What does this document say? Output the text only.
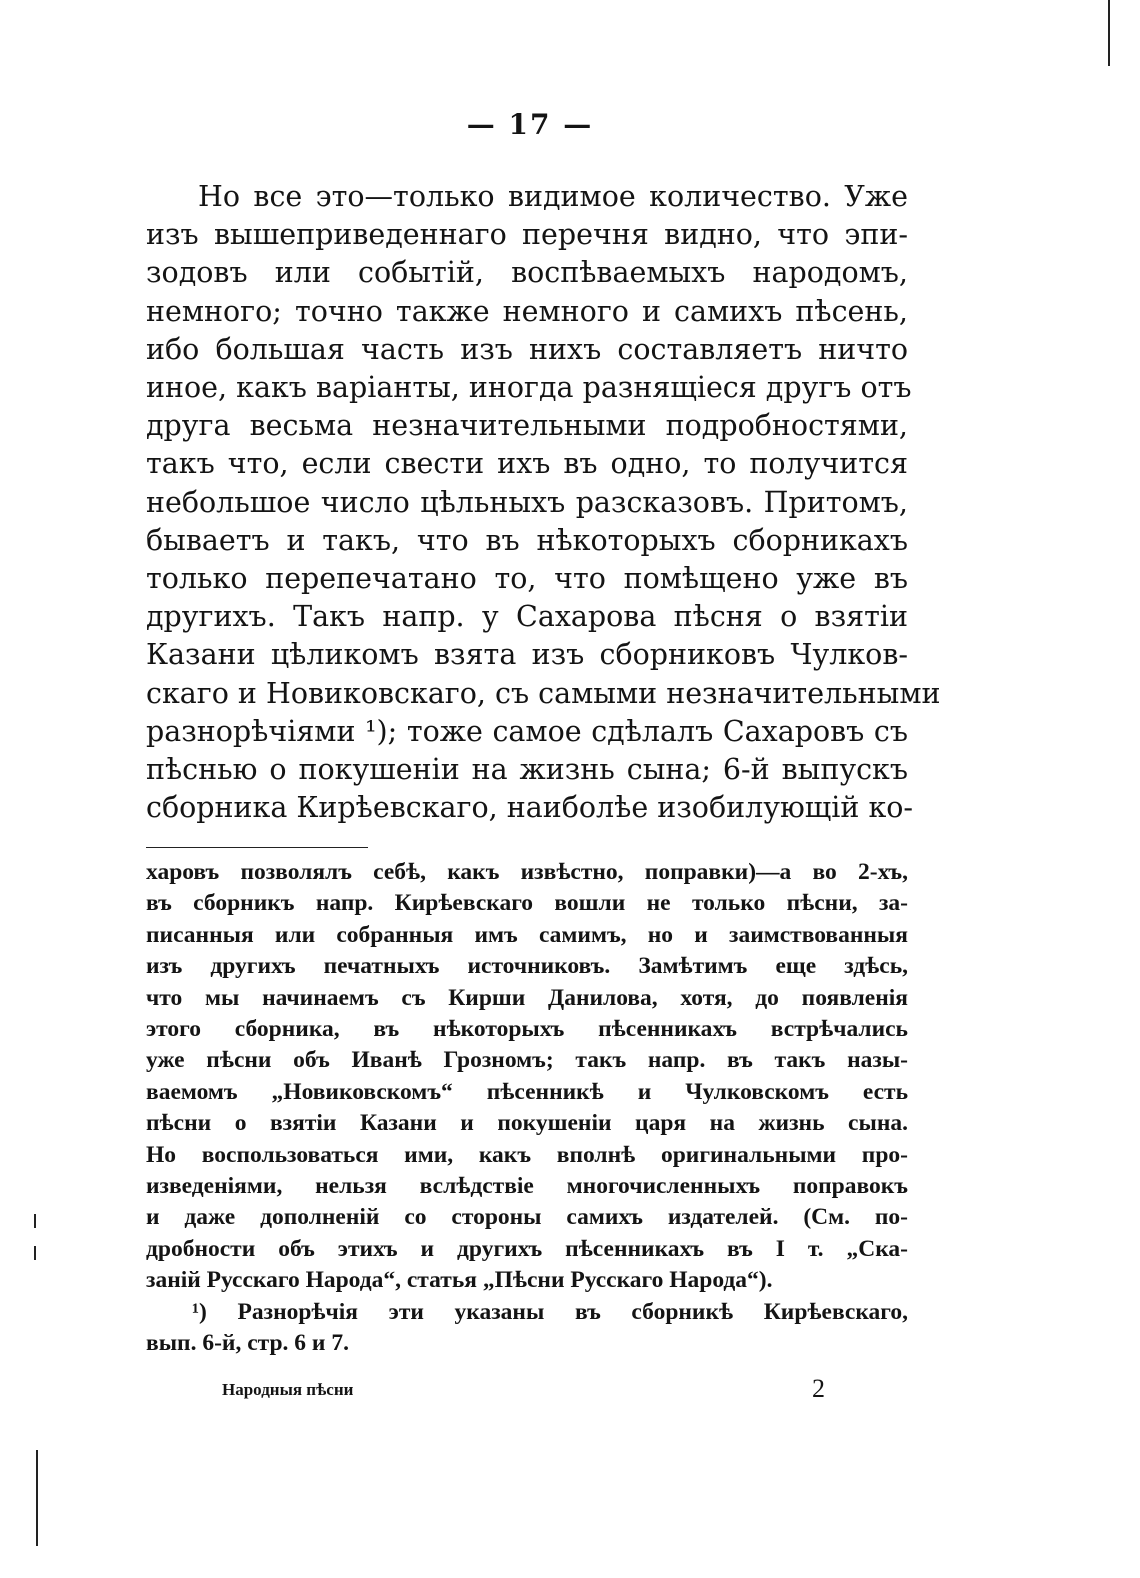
— 17 —
Но все это—только видимое количество. Уже
изъ вышеприведеннаго перечня видно, что эпи-
зодовъ или событій, воспѣваемыхъ народомъ,
немного; точно также немного и самихъ пѣсень,
ибо большая часть изъ нихъ составляетъ ничто
иное, какъ варіанты, иногда разнящіеся другъ отъ
друга весьма незначительными подробностями,
такъ что, если свести ихъ въ одно, то получится
небольшое число цѣльныхъ разсказовъ. Притомъ,
бываетъ и такъ, что въ нѣкоторыхъ сборникахъ
только перепечатано то, что помѣщено уже въ
другихъ. Такъ напр. у Сахарова пѣсня о взятіи
Казани цѣликомъ взята изъ сборниковъ Чулков-
скаго и Новиковскаго, съ самыми незначительными
разнорѣчіями ¹); тоже самое сдѣлалъ Сахаровъ съ
пѣснью о покушеніи на жизнь сына; 6-й выпускъ
сборника Кирѣевскаго, наиболѣе изобилующій ко-
харовъ позволялъ себѣ, какъ извѣстно, поправки)—а во 2-хъ,
въ сборникъ напр. Кирѣевскаго вошли не только пѣсни, за-
писанныя или собранныя имъ самимъ, но и заимствованныя
изъ другихъ печатныхъ источниковъ. Замѣтимъ еще здѣсь,
что мы начинаемъ съ Кирши Данилова, хотя, до появленія
этого сборника, въ нѣкоторыхъ пѣсенникахъ встрѣчались
уже пѣсни объ Иванѣ Грозномъ; такъ напр. въ такъ назы-
ваемомъ „Новиковскомъ“ пѣсенникѣ и Чулковскомъ есть
пѣсни о взятіи Казани и покушеніи царя на жизнь сына.
Но воспользоваться ими, какъ вполнѣ оригинальными про-
изведеніями, нельзя вслѣдствіе многочисленныхъ поправокъ
и даже дополненій со стороны самихъ издателей. (См. по-
дробности объ этихъ и другихъ пѣсенникахъ въ I т. „Ска-
заній Русскаго Народа“, статья „Пѣсни Русскаго Народа“).
¹) Разнорѣчія эти указаны въ сборникѣ Кирѣевскаго,
вып. 6-й, стр. 6 и 7.
Народныя пѣсни	2
